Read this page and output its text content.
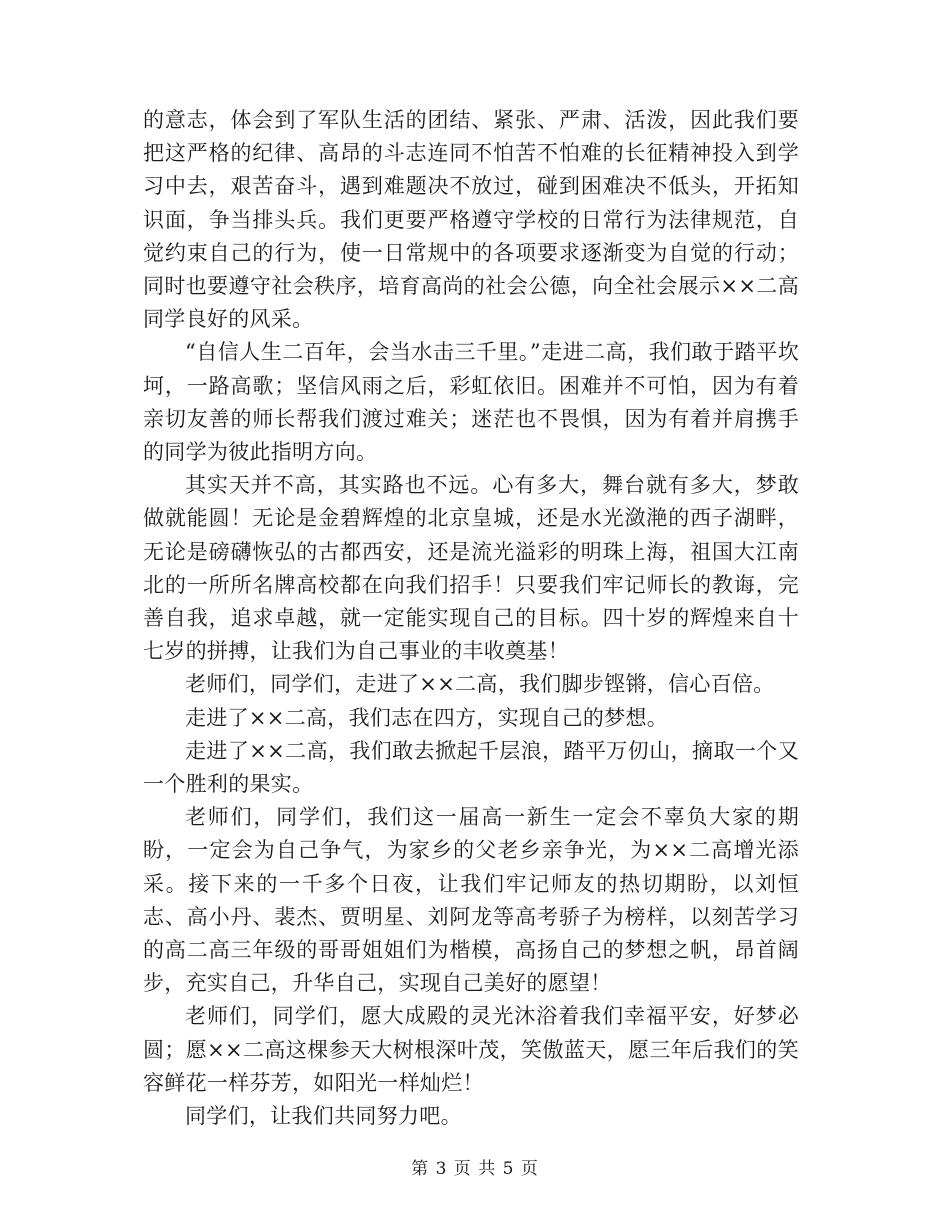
的意志，体会到了军队生活的团结、紧张、严肃、活泼，因此我们要把这严格的纪律、高昂的斗志连同不怕苦不怕难的长征精神投入到学习中去，艰苦奋斗，遇到难题决不放过，碰到困难决不低头，开拓知识面，争当排头兵。我们更要严格遵守学校的日常行为法律规范，自觉约束自己的行为，使一日常规中的各项要求逐渐变为自觉的行动；同时也要遵守社会秩序，培育高尚的社会公德，向全社会展示××二高同学良好的风采。

“自信人生二百年，会当水击三千里。”走进二高，我们敢于踏平坎坷，一路高歌；坚信风雨之后，彩虹依旧。困难并不可怕，因为有着亲切友善的师长帮我们渡过难关；迷茫也不畏惧，因为有着并肩携手的同学为彼此指明方向。

其实天并不高，其实路也不远。心有多大，舞台就有多大，梦敢做就能圆！无论是金碧辉煌的北京皇城，还是水光潋滟的西子湖畔，无论是磅礴恢弘的古都西安，还是流光溢彩的明珠上海，祖国大江南北的一所所名牌高校都在向我们招手！只要我们牢记师长的教诲，完善自我，追求卓越，就一定能实现自己的目标。四十岁的辉煌来自十七岁的拼搏，让我们为自己事业的丰收奠基！

老师们，同学们，走进了××二高，我们脚步铿锵，信心百倍。

走进了××二高，我们志在四方，实现自己的梦想。

走进了××二高，我们敢去掀起千层浪，踏平万仞山，摘取一个又一个胜利的果实。

老师们，同学们，我们这一届高一新生一定会不辜负大家的期盼，一定会为自己争气，为家乡的父老乡亲争光，为××二高增光添采。接下来的一千多个日夜，让我们牢记师友的热切期盼，以刘恒志、高小丹、裴杰、贾明星、刘阿龙等高考骄子为榜样，以刻苦学习的高二高三年级的哥哥姐姐们为楷模，高扬自己的梦想之帆，昂首阔步，充实自己，升华自己，实现自己美好的愿望！

老师们，同学们，愿大成殿的灵光沐浴着我们幸福平安，好梦必圆；愿××二高这棵参天大树根深叶茂，笑傲蓝天，愿三年后我们的笑容鲜花一样芬芳，如阳光一样灿烂！

同学们，让我们共同努力吧。

第 3 页 共 5 页
